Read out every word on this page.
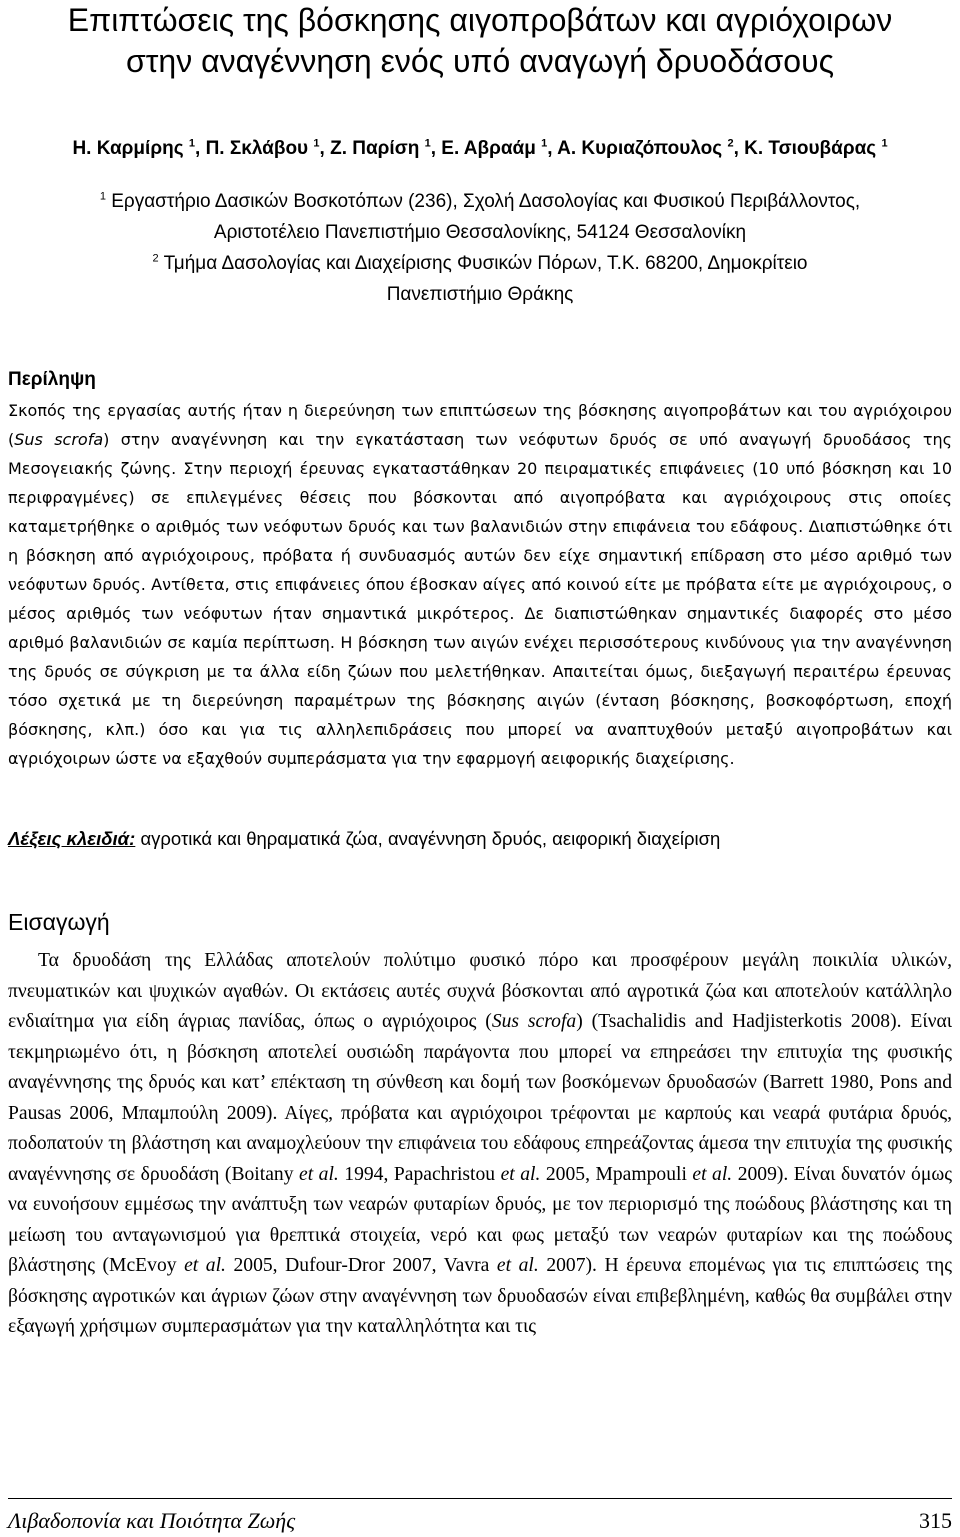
Επιπτώσεις της βόσκησης αιγοπροβάτων και αγριόχοιρων
στην αναγέννηση ενός υπό αναγωγή δρυοδάσους
Η. Καρμίρης $^1$, Π. Σκλάβου $^1$, Ζ. Παρίση $^1$, Ε. Αβραάμ $^1$, Α. Κυριαζόπουλος $^2$, Κ. Τσιουβάρας $^1$
$^1$ Εργαστήριο Δασικών Βοσκοτόπων (236), Σχολή Δασολογίας και Φυσικού Περιβάλλοντος,
Αριστοτέλειο Πανεπιστήμιο Θεσσαλονίκης, 54124 Θεσσαλονίκη
$^2$ Τμήμα Δασολογίας και Διαχείρισης Φυσικών Πόρων, Τ.Κ. 68200, Δημοκρίτειο
Πανεπιστήμιο Θράκης
Περίληψη

Σκοπός της εργασίας αυτής ήταν η διερεύνηση των επιπτώσεων της βόσκησης αιγοπροβάτων και του αγριόχοιρου (Sus scrofa) στην αναγέννηση και την εγκατάσταση των νεόφυτων δρυός σε υπό αναγωγή δρυοδάσος της Μεσογειακής ζώνης. Στην περιοχή έρευνας εγκαταστάθηκαν 20 πειραματικές επιφάνειες (10 υπό βόσκηση και 10 περιφραγμένες) σε επιλεγμένες θέσεις που βόσκονται από αιγοπρόβατα και αγριόχοιρους στις οποίες καταμετρήθηκε ο αριθμός των νεόφυτων δρυός και των βαλανιδιών στην επιφάνεια του εδάφους. Διαπιστώθηκε ότι η βόσκηση από αγριόχοιρους, πρόβατα ή συνδυασμός αυτών δεν είχε σημαντική επίδραση στο μέσο αριθμό των νεόφυτων δρυός. Αντίθετα, στις επιφάνειες όπου έβοσκαν αίγες από κοινού είτε με πρόβατα είτε με αγριόχοιρους, ο μέσος αριθμός των νεόφυτων ήταν σημαντικά μικρότερος. Δε διαπιστώθηκαν σημαντικές διαφορές στο μέσο αριθμό βαλανιδιών σε καμία περίπτωση. Η βόσκηση των αιγών ενέχει περισσότερους κινδύνους για την αναγέννηση της δρυός σε σύγκριση με τα άλλα είδη ζώων που μελετήθηκαν. Απαιτείται όμως, διεξαγωγή περαιτέρω έρευνας τόσο σχετικά με τη διερεύνηση παραμέτρων της βόσκησης αιγών (ένταση βόσκησης, βοσκοφόρτωση, εποχή βόσκησης, κλπ.) όσο και για τις αλληλεπιδράσεις που μπορεί να αναπτυχθούν μεταξύ αιγοπροβάτων και αγριόχοιρων ώστε να εξαχθούν συμπεράσματα για την εφαρμογή αειφορικής διαχείρισης.

Λέξεις κλειδιά: αγροτικά και θηραματικά ζώα, αναγέννηση δρυός, αειφορική διαχείριση
Εισαγωγή

Τα δρυοδάση της Ελλάδας αποτελούν πολύτιμο φυσικό πόρο και προσφέρουν μεγάλη ποικιλία υλικών, πνευματικών και ψυχικών αγαθών. Οι εκτάσεις αυτές συχνά βόσκονται από αγροτικά ζώα και αποτελούν κατάλληλο ενδιαίτημα για είδη άγριας πανίδας, όπως ο αγριόχοιρος (Sus scrofa) (Tsachalidis and Hadjisterkotis 2008). Είναι τεκμηριωμένο ότι, η βόσκηση αποτελεί ουσιώδη παράγοντα που μπορεί να επηρεάσει την επιτυχία της φυσικής αναγέννησης της δρυός και κατ’ επέκταση τη σύνθεση και δομή των βοσκόμενων δρυοδασών (Barrett 1980, Pons and Pausas 2006, Μπαμπούλη 2009). Αίγες, πρόβατα και αγριόχοιροι τρέφονται με καρπούς και νεαρά φυτάρια δρυός, ποδοπατούν τη βλάστηση και αναμοχλεύουν την επιφάνεια του εδάφους επηρεάζοντας άμεσα την επιτυχία της φυσικής αναγέννησης σε δρυοδάση (Boitany et al. 1994, Papachristou et al. 2005, Mpampouli et al. 2009). Είναι δυνατόν όμως να ευνοήσουν εμμέσως την ανάπτυξη των νεαρών φυταρίων δρυός, με τον περιορισμό της ποώδους βλάστησης και τη μείωση του ανταγωνισμού για θρεπτικά στοιχεία, νερό και φως μεταξύ των νεαρών φυταρίων και της ποώδους βλάστησης (McEvoy et al. 2005, Dufour-Dror 2007, Vavra et al. 2007). Η έρευνα επομένως για τις επιπτώσεις της βόσκησης αγροτικών και άγριων ζώων στην αναγέννηση των δρυοδασών είναι επιβεβλημένη, καθώς θα συμβάλει στην εξαγωγή χρήσιμων συμπερασμάτων για την καταλληλότητα και τις

Λιβαδοπονία και Ποιότητα Ζωής	315
